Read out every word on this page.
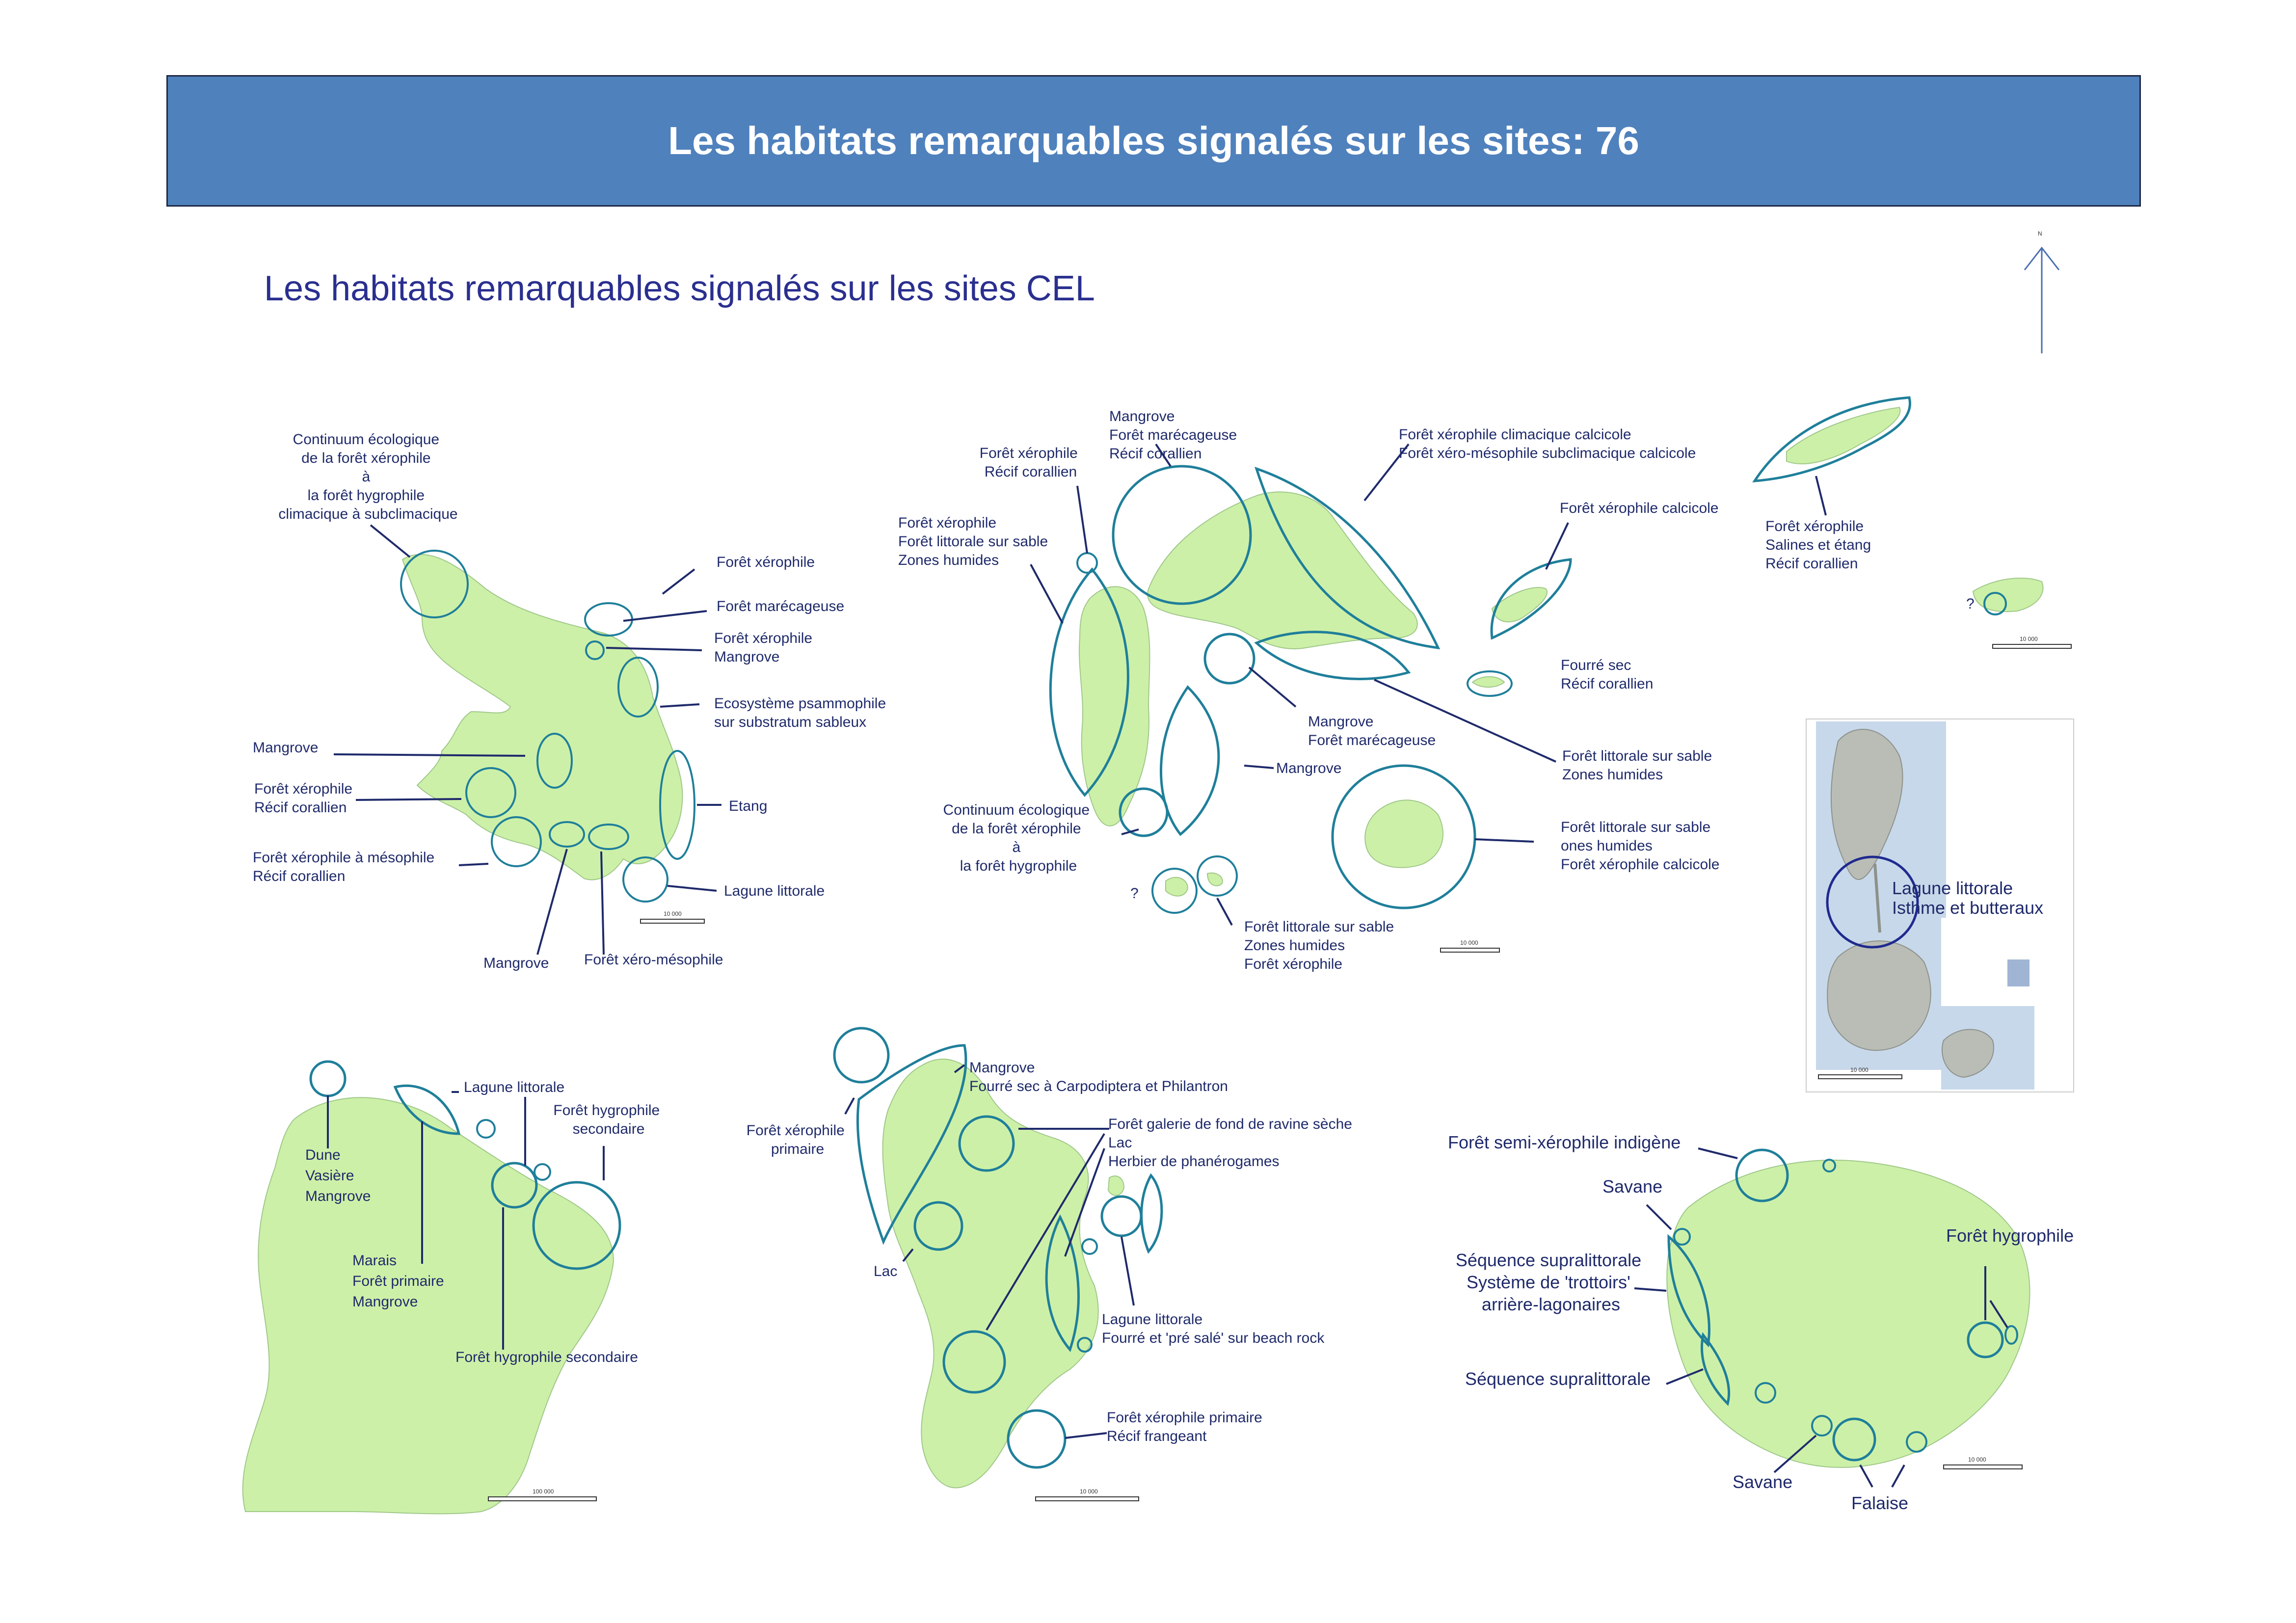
Les habitats remarquables signalés sur les sites: 76
Les habitats remarquables signalés sur les sites CEL
N
Continuum écologique de la forêt xérophile à la forêt hygrophile climacique à subclimacique
Forêt xérophile
Forêt marécageuse
Forêt xérophile Mangrove
Ecosystème psammophile sur substratum sableux
Mangrove
Forêt xérophile Récif corallien	Etang
Forêt xérophile à mésophile Récif corallien
Lagune littorale
Mangrove Forêt xéro-mésophile
10 000
Mangrove Forêt marécageuse Récif corallien
Forêt xérophile Récif corallien
Forêt xérophile Forêt littorale sur sable Zones humides
Forêt xérophile climacique calcicole Forêt xéro-mésophile subclimacique calcicole
Forêt xérophile calcicole
Fourré sec Récif corallien
Mangrove Forêt marécageuse
Mangrove
Forêt littorale sur sable Zones humides
Continuum écologique de la forêt xérophile à la forêt hygrophile
Forêt littorale sur sable ones humides Forêt xérophile calcicole
?
Forêt littorale sur sable Zones humides Forêt xérophile
10 000
Forêt xérophile Salines et étang Récif corallien
?
10 000
Lagune littorale Isthme et butteraux
10 000
Lagune littorale
Forêt hygrophile secondaire
Dune Vasière Mangrove
Marais Forêt primaire Mangrove
Forêt hygrophile secondaire
100 000
Mangrove Fourré sec à Carpodiptera et Philantron
Forêt xérophile primaire
Forêt galerie de fond de ravine sèche Lac Herbier de phanérogames
Lac
Lagune littorale Fourré et 'pré salé' sur beach rock
Forêt xérophile primaire Récif frangeant
10 000
Forêt semi-xérophile indigène
Savane
Forêt hygrophile
Séquence supralittorale Système de 'trottoirs' arrière-lagonaires
Séquence supralittorale
Savane
Falaise
10 000
